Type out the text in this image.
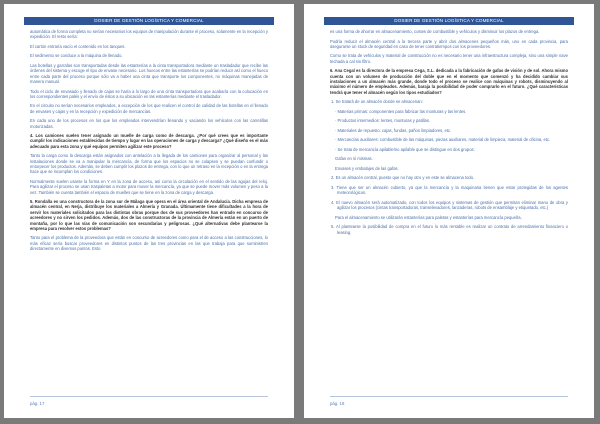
DOSIER DE GESTIÓN LOGÍSTICA Y COMERCIAL

automática de forma completa no serían necesarios los equipos de manipulación durante el proceso, solamente en la recepción y expedición. El resto sería:

El cartón entraría vacío el contenido en los tanques.

El sedimento se conduce a la máquina de llenado.

Las botellas y garrafas son transportadas desde las estanterías a la cinta transportadora mediante un trasladador que recibe las órdenes del sistema y escoge el tipo de envase necesario. Los huecos entre las estanterías se podrían reducir así como el hueco entre cada parte del proceso porque sólo va a haber una cinta que transporte los componentes, no máquinas manejadas de manera manual.

Todo el ciclo de envasado y llenado de cajas se haría a lo largo de una cinta transportadora que acabaría con la colocación en los correspondientes palés y el envío de éstos a su ubicación en las estanterías mediante el trasladador.

En el circuito no serían necesarios empleados, a excepción de los que realicen el control de calidad de las botellas en el llenado de envases y cajas y en la recepción y expedición de mercancías.

En cada uno de los procesos en los que los empleados intervendrían llenando y vaciando los vehículos con las carretillas motorizadas.

4. Los camiones suelen tener asignado un muelle de carga como de descarga. ¿Por qué crees que es importante cumplir los indicaciones establecidas de tiempo y lugar en las operaciones de carga y descarga? ¿Qué diseño es el más adecuado para esta zona y qué equipos permiten agilizar este proceso?

Tanto la carga como la descarga están asignados con antelación a la llegada de los camiones para organizar al personal y las instalaciones donde se va a manipular la mercancía, de forma que los espacios no se colapsen y se puedan confundir o entorpecer los productos. Además, se deben cumplir los plazos de entrega, con lo que un retraso en la recepción o en la entrega hace que se incumplan los condiciones.

Normalmente suelen usarse la forma en Y en la zona de acceso, así como la circulación en el sentido de las agujas del reloj. Para agilizar el proceso se usan traspaletas a motor para mover la mercancía, ya que se puede mover más volumen y peso a la vez. También se cuenta también el espacio de muelles que se tiene en la zona de carga y descarga.

5. Rondalla es una constructora de la zona sur de Málaga que opera en el área oriental de Andalucía. Dicha empresa de almacén central, en Nerja, distribuye los materiales a Almería y Granada. Últimamente tiene dificultades a la hora de servir los materiales solicitados para las distintas obras porque dos de sus proveedores han entrado en concurso de acreedores y no sirven los pedidos. Además, dos de las constructoras de la provincia de Almería están en un puerto de montaña, por lo que las vías de comunicación son secundarias y peligrosas. ¿Qué alternativas debe plantearse la empresa para resolver estos problemas?

Tanto para el problema de la proveedora que están en concurso de acreedores como para el de acceso a las construcciones, lo más eficaz sería buscar proveedores en distintos puntos de las tres provincias en las que trabaja para que suministren directamente en diversos puntos. Esto

pág. 17
DOSIER DE GESTIÓN LOGÍSTICA Y COMERCIAL

es una forma de ahorrar en almacenamiento, costes de combustible y vehículos y disminuir los plazos de entrega.

Podría reducir el almacén central a la tercera parte y abrir dos almacenes pequeños más, uno en cada provincia, para asegurarse un stock de seguridad en caso de tener contratiempos con los proveedores.

Como se trata de vehículos y material de construcción no es necesario tener una infraestructura compleja, sino una simple nave techada a cal sin filtro.

6. Ana Cegal es la directora de la empresa Cega, S.L. dedicada a la fabricación de gafas de visión y de sol. Ahora mismo cuenta con un volumen de producción del doble que en el momento que comenzó y ha decidido cambiar sus instalaciones a un almacén más grande, donde todo el proceso se realice con máquinas y robots, disminuyendo al máximo el número de empleados. Además, baraja la posibilidad de poder comprarlo en el futuro. ¿Qué características tendrá que tener el almacén según los tipos estudiados?

1. Se tratará de un almacén donde se almacenan:

· Materias primas: componentes para fabricar las monturas y las lentes.

· Productos intermedios: lentes, monturas y patillas.

· Materiales de repuesto: cajas, fundas, paños limpiadores, etc.

· Mercancías auxiliares: combustible de las máquinas, piezas auxiliares, material de limpieza, material de oficina, etc.

· Se trata de mercancía apilable/no apilable que se distingue en dos grupos:

Gafas en sí mismas.

Envases y embalajes de las gafas.

2. Es un almacén central, puesto que no hay otro y en este se almacena todo.

3. Tiene que ser un almacén cubierto, ya que la mercancía y la maquinaria tienen que estar protegidas de los agentes meteorológicos.

4. El nuevo almacén será automatizado, con todos los equipos y sistemas de gestión que permitan eliminar mano de obra y agilizar los procesos (cintas transportadoras, transelevadores, lanzaderas, robots de ensamblaje y etiquetado, etc.)

Para el almacenamiento se utilizarán estanterías para paletas y estanterías para mercancía pequeña.

5. Al plantearse la posibilidad de compra en el futuro lo más rentable es realizar un contrato de arrendamiento financiero o leasing.

pág. 18
